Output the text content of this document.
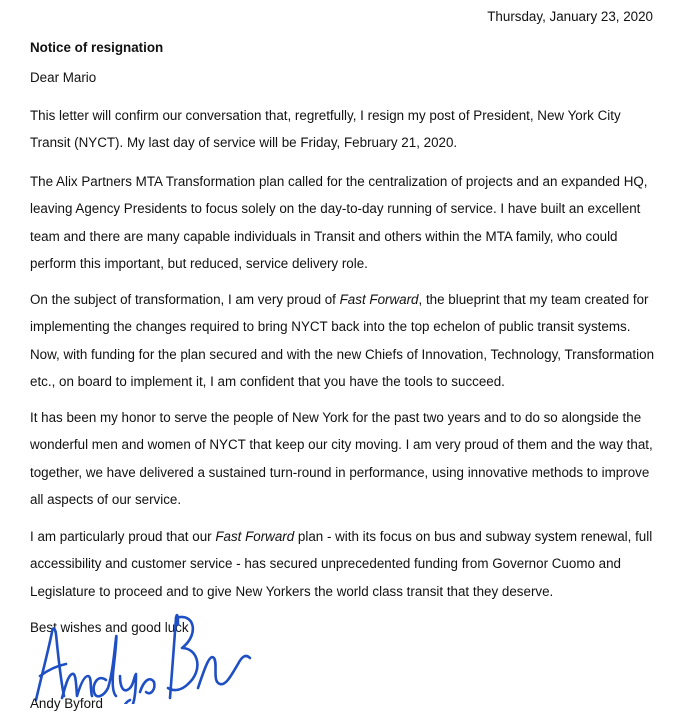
Thursday, January 23, 2020
Notice of resignation
Dear Mario

This letter will confirm our conversation that, regretfully, I resign my post of President, New York City Transit (NYCT). My last day of service will be Friday, February 21, 2020.

The Alix Partners MTA Transformation plan called for the centralization of projects and an expanded HQ, leaving Agency Presidents to focus solely on the day-to-day running of service. I have built an excellent team and there are many capable individuals in Transit and others within the MTA family, who could perform this important, but reduced, service delivery role.

On the subject of transformation, I am very proud of Fast Forward, the blueprint that my team created for implementing the changes required to bring NYCT back into the top echelon of public transit systems. Now, with funding for the plan secured and with the new Chiefs of Innovation, Technology, Transformation etc., on board to implement it, I am confident that you have the tools to succeed.

It has been my honor to serve the people of New York for the past two years and to do so alongside the wonderful men and women of NYCT that keep our city moving. I am very proud of them and the way that, together, we have delivered a sustained turn-round in performance, using innovative methods to improve all aspects of our service.

I am particularly proud that our Fast Forward plan - with its focus on bus and subway system renewal, full accessibility and customer service - has secured unprecedented funding from Governor Cuomo and Legislature to proceed and to give New Yorkers the world class transit that they deserve.

Best wishes and good luck
Andy Byford
